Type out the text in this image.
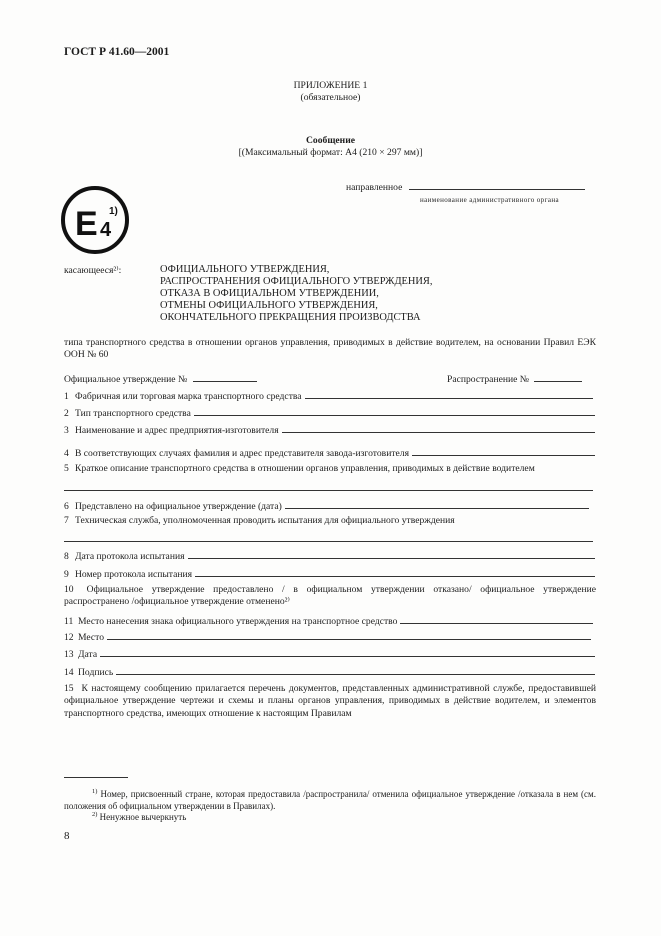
ГОСТ Р 41.60—2001
ПРИЛОЖЕНИЕ 1
(обязательное)
Сообщение
[(Максимальный формат: А4 (210 × 297 мм)]
направленное
наименование административного органа
E 4
1)
касающееся²⁾:	ОФИЦИАЛЬНОГО УТВЕРЖДЕНИЯ,
РАСПРОСТРАНЕНИЯ ОФИЦИАЛЬНОГО УТВЕРЖДЕНИЯ,
ОТКАЗА В ОФИЦИАЛЬНОМ УТВЕРЖДЕНИИ,
ОТМЕНЫ ОФИЦИАЛЬНОГО УТВЕРЖДЕНИЯ,
ОКОНЧАТЕЛЬНОГО ПРЕКРАЩЕНИЯ ПРОИЗВОДСТВА
типа транспортного средства в отношении органов управления, приводимых в действие водителем, на основании Правил ЕЭК ООН № 60
Официальное утверждение №	Распространение №
1 Фабричная или торговая марка транспортного средства
2 Тип транспортного средства
3 Наименование и адрес предприятия-изготовителя
4 В соответствующих случаях фамилия и адрес представителя завода-изготовителя
5 Краткое описание транспортного средства в отношении органов управления, приводимых в действие водителем
6 Представлено на официальное утверждение (дата)
7 Техническая служба, уполномоченная проводить испытания для официального утверждения
8 Дата протокола испытания
9 Номер протокола испытания
10 Официальное утверждение предоставлено / в официальном утверждении отказано/ официальное утверждение распространено /официальное утверждение отменено²⁾
11 Место нанесения знака официального утверждения на транспортное средство
12 Место
13 Дата
14 Подпись
15 К настоящему сообщению прилагается перечень документов, представленных административной службе, предоставившей официальное утверждение чертежи и схемы и планы органов управления, приводимых в действие водителем, и элементов транспортного средства, имеющих отношение к настоящим Правилам
$^{1)}$ Номер, присвоенный стране, которая предоставила /распространила/ отменила официальное утверждение /отказала в нем (см. положения об официальном утверждении в Правилах).
$^{2)}$ Ненужное вычеркнуть
8
